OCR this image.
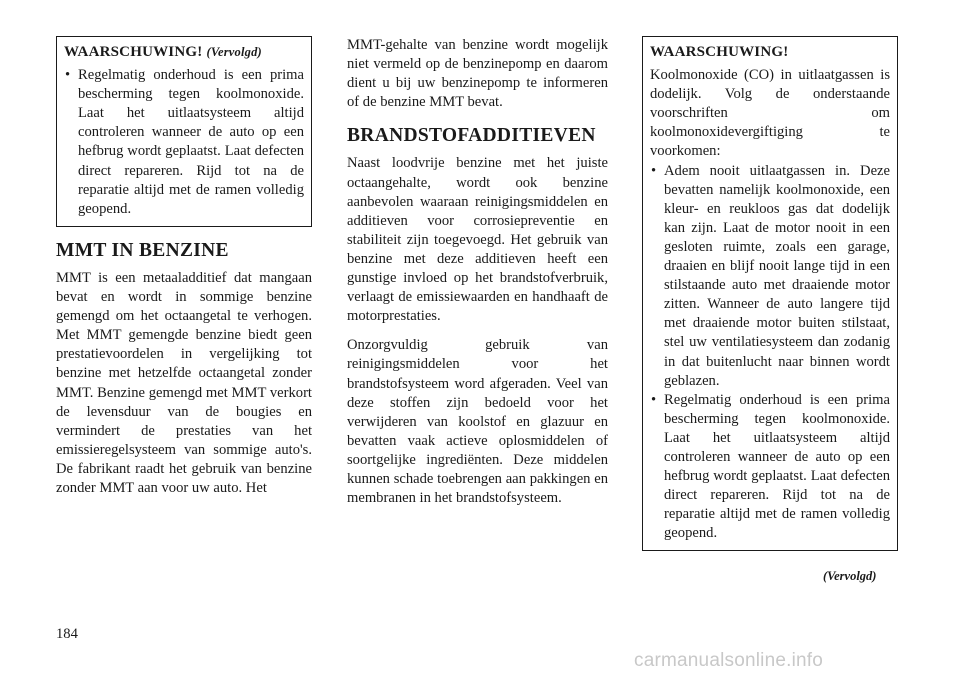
WAARSCHUWING! (Vervolgd)
• Regelmatig onderhoud is een prima bescherming tegen koolmonoxide. Laat het uitlaatsysteem altijd controleren wanneer de auto op een hefbrug wordt geplaatst. Laat defecten direct repareren. Rijd tot na de reparatie altijd met de ramen volledig geopend.
MMT IN BENZINE

MMT is een metaaladditief dat mangaan bevat en wordt in sommige benzine gemengd om het octaangetal te verhogen. Met MMT gemengde benzine biedt geen prestatievoordelen in vergelijking tot benzine met hetzelfde octaangetal zonder MMT. Benzine gemengd met MMT verkort de levensduur van de bougies en vermindert de prestaties van het emissieregelsysteem van sommige auto's. De fabrikant raadt het gebruik van benzine zonder MMT aan voor uw auto. Het

MMT-gehalte van benzine wordt mogelijk niet vermeld op de benzinepomp en daarom dient u bij uw benzinepomp te informeren of de benzine MMT bevat.

BRANDSTOFADDITIEVEN

Naast loodvrije benzine met het juiste octaangehalte, wordt ook benzine aanbevolen waaraan reinigingsmiddelen en additieven voor corrosiepreventie en stabiliteit zijn toegevoegd. Het gebruik van benzine met deze additieven heeft een gunstige invloed op het brandstofverbruik, verlaagt de emissiewaarden en handhaaft de motorprestaties.

Onzorgvuldig gebruik van reinigingsmiddelen voor het brandstofsysteem word afgeraden. Veel van deze stoffen zijn bedoeld voor het verwijderen van koolstof en glazuur en bevatten vaak actieve oplosmiddelen of soortgelijke ingrediënten. Deze middelen kunnen schade toebrengen aan pakkingen en membranen in het brandstofsysteem.

WAARSCHUWING!

Koolmonoxide (CO) in uitlaatgassen is dodelijk. Volg de onderstaande voorschriften om koolmonoxidevergiftiging te voorkomen:

• Adem nooit uitlaatgassen in. Deze bevatten namelijk koolmonoxide, een kleur- en reukloos gas dat dodelijk kan zijn. Laat de motor nooit in een gesloten ruimte, zoals een garage, draaien en blijf nooit lange tijd in een stilstaande auto met draaiende motor zitten. Wanneer de auto langere tijd met draaiende motor buiten stilstaat, stel uw ventilatiesysteem dan zodanig in dat buitenlucht naar binnen wordt geblazen.
• Regelmatig onderhoud is een prima bescherming tegen koolmonoxide. Laat het uitlaatsysteem altijd controleren wanneer de auto op een hefbrug wordt geplaatst. Laat defecten direct repareren. Rijd tot na de reparatie altijd met de ramen volledig geopend.
(Vervolgd)
184
carmanualsonline.info
